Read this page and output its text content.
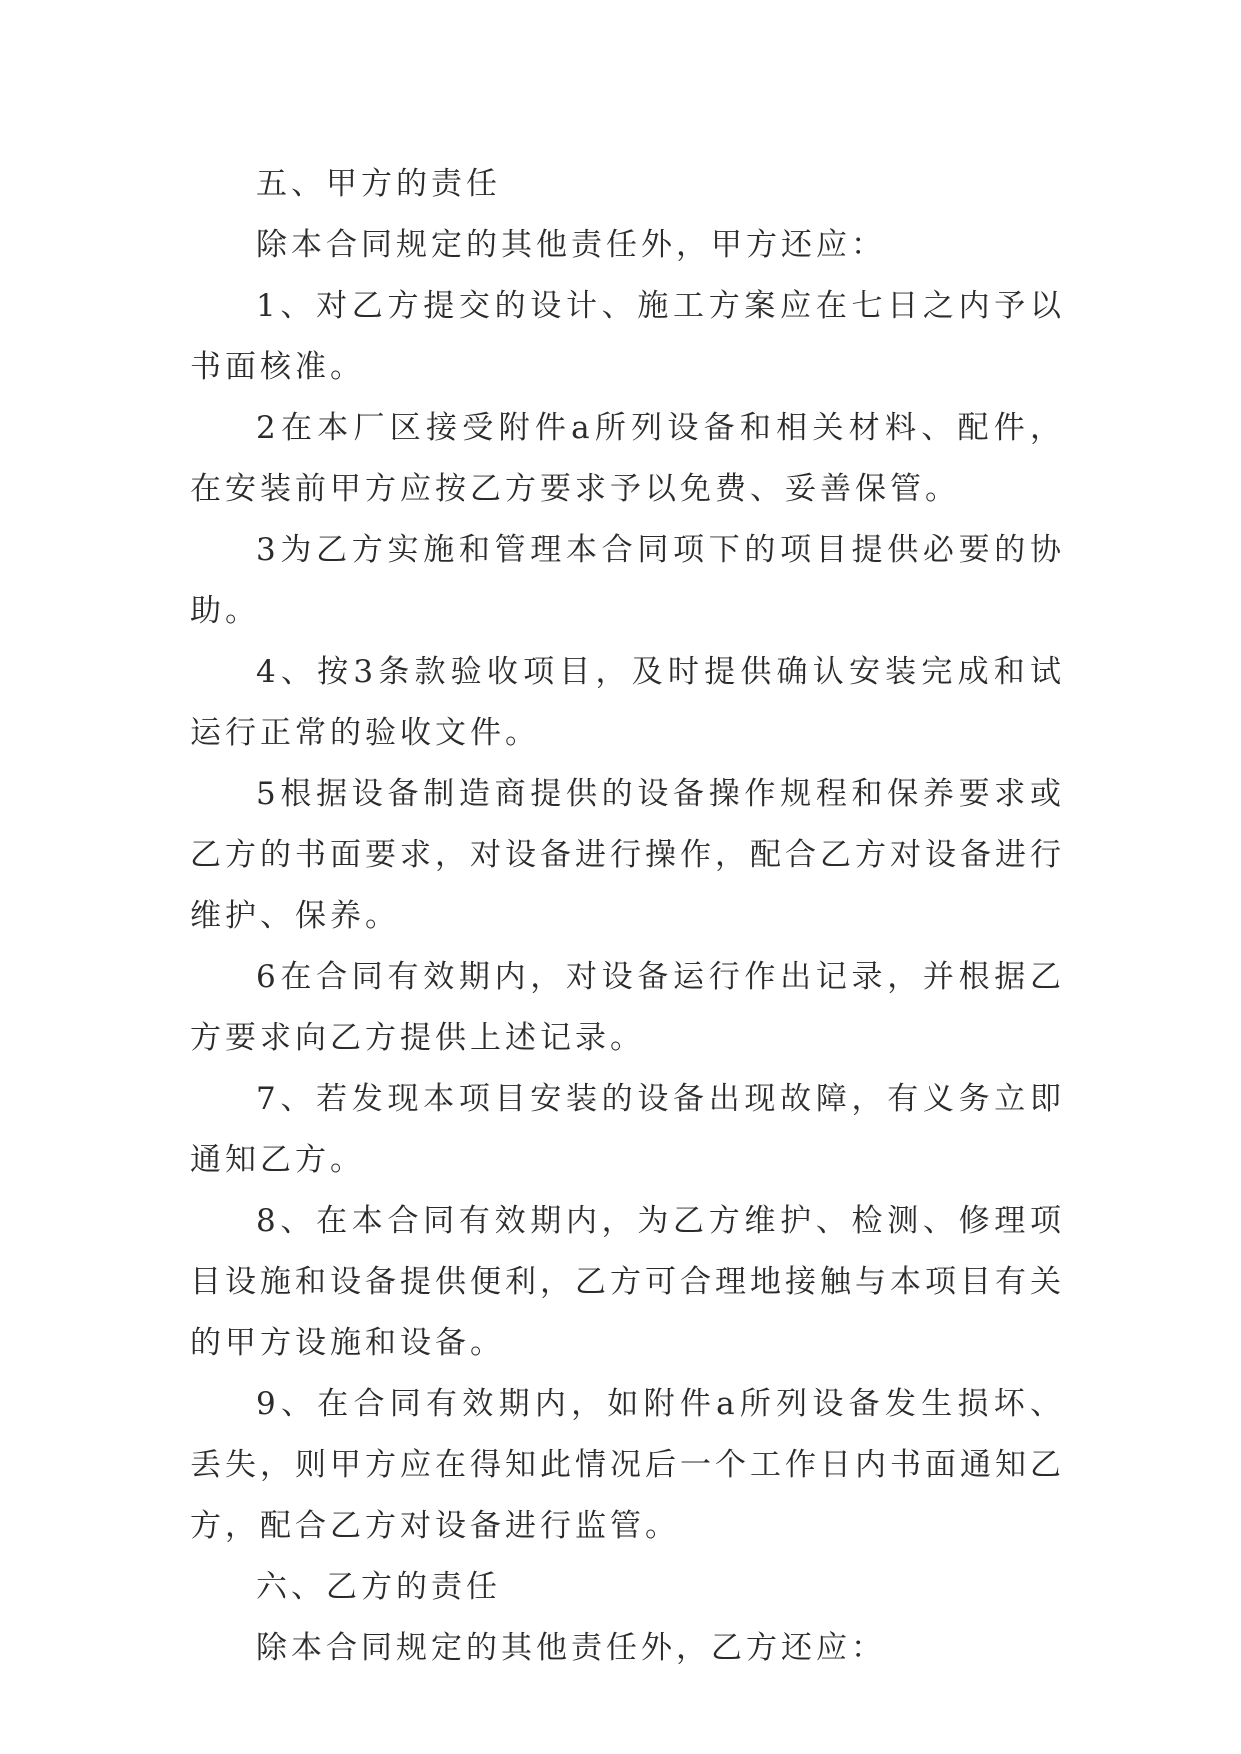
五、甲方的责任

除本合同规定的其他责任外，甲方还应：

1、对乙方提交的设计、施工方案应在七日之内予以书面核准。

2在本厂区接受附件a所列设备和相关材料、配件，在安装前甲方应按乙方要求予以免费、妥善保管。

3为乙方实施和管理本合同项下的项目提供必要的协助。

4、按3条款验收项目，及时提供确认安装完成和试运行正常的验收文件。

5根据设备制造商提供的设备操作规程和保养要求或乙方的书面要求，对设备进行操作，配合乙方对设备进行维护、保养。

6在合同有效期内，对设备运行作出记录，并根据乙方要求向乙方提供上述记录。

7、若发现本项目安装的设备出现故障，有义务立即通知乙方。

8、在本合同有效期内，为乙方维护、检测、修理项目设施和设备提供便利，乙方可合理地接触与本项目有关的甲方设施和设备。

9、在合同有效期内，如附件a所列设备发生损坏、丢失，则甲方应在得知此情况后一个工作日内书面通知乙方，配合乙方对设备进行监管。

六、乙方的责任

除本合同规定的其他责任外，乙方还应：
